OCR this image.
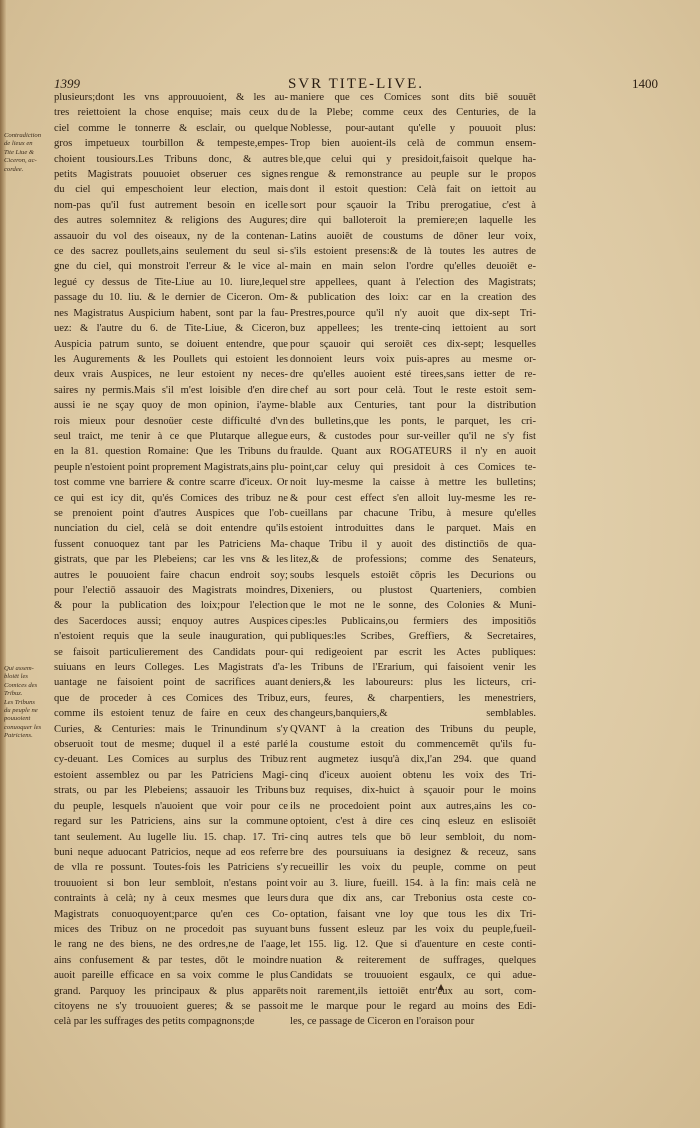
1399	SVR TITE-LIVE.	1400
Contradiction
de lieux en
Tite Liue &
Ciceron, ac-
cordee.
Qui assem-
bloiēt les
Comices des
Tribuz.
Les Tribuns
du peuple ne
pouuoient
conuoquer les
Patriciens.
plusieurs;dont les vns approuuoient, & les au-
tres reiettoient la chose enquise; mais ceux du
ciel comme le tonnerre & esclair, ou quelque
gros impetueux tourbillon & tempeste,empes-
choient tousiours.Les Tribuns donc, & autres
petits Magistrats pouuoiet obseruer ces signes
du ciel qui empeschoient leur election, mais
nom-pas qu'il fust autrement besoin en icelle
des autres solemnitez & religions des Augures;
assauoir du vol des oiseaux, ny de la contenan-
ce des sacrez poullets,ains seulement du seul si-
gne du ciel, qui monstroit l'erreur & le vice al-
legué cy dessus de Tite-Liue au 10. liure,lequel
passage du 10. liu. & le dernier de Ciceron. Om-
nes Magistratus Auspicium habent, sont par la fau-
uez: & l'autre du 6. de Tite-Liue, & Ciceron,
Auspicia patrum sunto, se doiuent entendre, que
les Augurements & les Poullets qui estoient les
deux vrais Auspices, ne leur estoient ny neces-
saires ny permis.Mais s'il m'est loisible d'en dire
aussi ie ne sçay quoy de mon opinion, i'ayme-
rois mieux pour desnoüer ceste difficulté d'vn
seul traict, me tenir à ce que Plutarque allegue
en la 81. question Romaine: Que les Tribuns du
peuple n'estoient point proprement Magistrats,ains plu-
tost comme vne barriere & contre scarre d'iceux. Or
ce qui est icy dit, qu'és Comices des tribuz ne
se prenoient point d'autres Auspices que l'ob-
nunciation du ciel, celà se doit entendre qu'ils
fussent conuoquez tant par les Patriciens Ma-
gistrats, que par les Plebeiens; car les vns & les
autres le pouuoient faire chacun endroit soy;
pour l'electiō assauoir des Magistrats moindres,
& pour la publication des loix;pour l'election
des Sacerdoces aussi; enquoy autres Auspices
n'estoient requis que la seule inauguration, qui
se faisoit particulierement des Candidats pour-
suiuans en leurs Colleges. Les Magistrats d'a-
uantage ne faisoient point de sacrifices auant
que de proceder à ces Comices des Tribuz,
comme ils estoient tenuz de faire en ceux des
Curies, & Centuries: mais le Trinundinum s'y
obseruoit tout de mesme; duquel il a esté parlé
cy-deuant. Les Comices au surplus des Tribuz
estoient assemblez ou par les Patriciens Magi-
strats, ou par les Plebeiens; assauoir les Tribuns
du peuple, lesquels n'auoient que voir pour ce
regard sur les Patriciens, ains sur la commune
tant seulement. Au lugelle liu. 15. chap. 17. Tri-
buni neque aduocant Patricios, neque ad eos referre
de vlla re possunt. Toutes-fois les Patriciens s'y
trouuoient si bon leur sembloit, n'estans point
contraints à celà; ny à ceux mesmes que leurs
Magistrats conuoquoyent;parce qu'en ces Co-
mices des Tribuz on ne procedoit pas suyuant
le rang ne des biens, ne des ordres,ne de l'aage,
ains confusement & par testes, dōt le moindre
auoit pareille efficace en sa voix comme le plus
grand. Parquoy les principaux & plus apparēts
citoyens ne s'y trouuoient gueres; & se passoit
celà par les suffrages des petits compagnons;de
maniere que ces Comices sont dits biē souuēt
de la Plebe; comme ceux des Centuries, de la
Noblesse, pour-autant qu'elle y pouuoit plus:
Trop bien auoient-ils celà de commun ensem-
ble,que celui qui y presidoit,faisoit quelque ha-
rengue & remonstrance au peuple sur le propos
dont il estoit question: Celà fait on iettoit au
sort pour sçauoir la Tribu prerogatiue, c'est à
dire qui balloteroit la premiere;en laquelle les
Latins auoiēt de coustums de dōner leur voix,
s'ils estoient presens:& de là toutes les autres de
main en main selon l'ordre qu'elles deuoiēt e-
stre appellees, quant à l'election des Magistrats;
& publication des loix: car en la creation des
Prestres,pource qu'il n'y auoit que dix-sept Tri-
buz appellees; les trente-cinq iettoient au sort
pour sçauoir qui seroiēt ces dix-sept; lesquelles
donnoient leurs voix puis-apres au mesme or-
dre qu'elles auoient esté tirees,sans ietter de re-
chef au sort pour celà. Tout le reste estoit sem-
blable aux Centuries, tant pour la distribution
des bulletins,que les ponts, le parquet, les cri-
eurs, & custodes pour sur-veiller qu'il ne s'y fist
fraulde. Quant aux ROGATEURS il n'y en auoit
point,car celuy qui presidoit à ces Comices te-
noit luy-mesme la caisse à mettre les bulletins;
& pour cest effect s'en alloit luy-mesme les re-
cueillans par chacune Tribu, à mesure qu'elles
estoient introduittes dans le parquet. Mais en
chaque Tribu il y auoit des distinctiōs de qua-
litez,& de professions; comme des Senateurs,
soubs lesquels estoiēt cōpris les Decurions ou
Dixeniers, ou plustost Quarteniers, combien
que le mot ne le sonne, des Colonies & Muni-
cipes:les Publicains,ou fermiers des impositiōs
publiques:les Scribes, Greffiers, & Secretaires,
qui redigeoient par escrit les Actes publiques:
les Tribuns de l'Erarium, qui faisoient venir les
deniers,& les laboureurs: plus les licteurs, cri-
eurs, feures, & charpentiers, les menestriers,
changeurs,banquiers,& semblables.
QVANT à la creation des Tribuns du peuple,
la coustume estoit du commencemēt qu'ils fu-
rent augmetez iusqu'à dix,l'an 294. que quand
cinq d'iceux auoient obtenu les voix des Tri-
buz requises, dix-huict à sçauoir pour le moins
ils ne procedoient point aux autres,ains les co-
optoient, c'est à dire ces cinq esleuz en eslisoiēt
cinq autres tels que bō leur sembloit, du nom-
bre des poursuiuans ia designez & receuz, sans
recueillir les voix du peuple, comme on peut
voir au 3. liure, fueill. 154. à la fin: mais celà ne
dura que dix ans, car Trebonius osta ceste co-
optation, faisant vne loy que tous les dix Tri-
buns fussent esleuz par les voix du peuple,fueil-
let 155. lig. 12. Que si d'auenture en ceste conti-
nuation & reiterement de suffrages, quelques
Candidats se trouuoient esgaulx, ce qui adue-
noit rarement,ils iettoiēt entr'eux au sort, com-
me le marque pour le regard au moins des Edi-
les, ce passage de Ciceron en l'oraison pour
